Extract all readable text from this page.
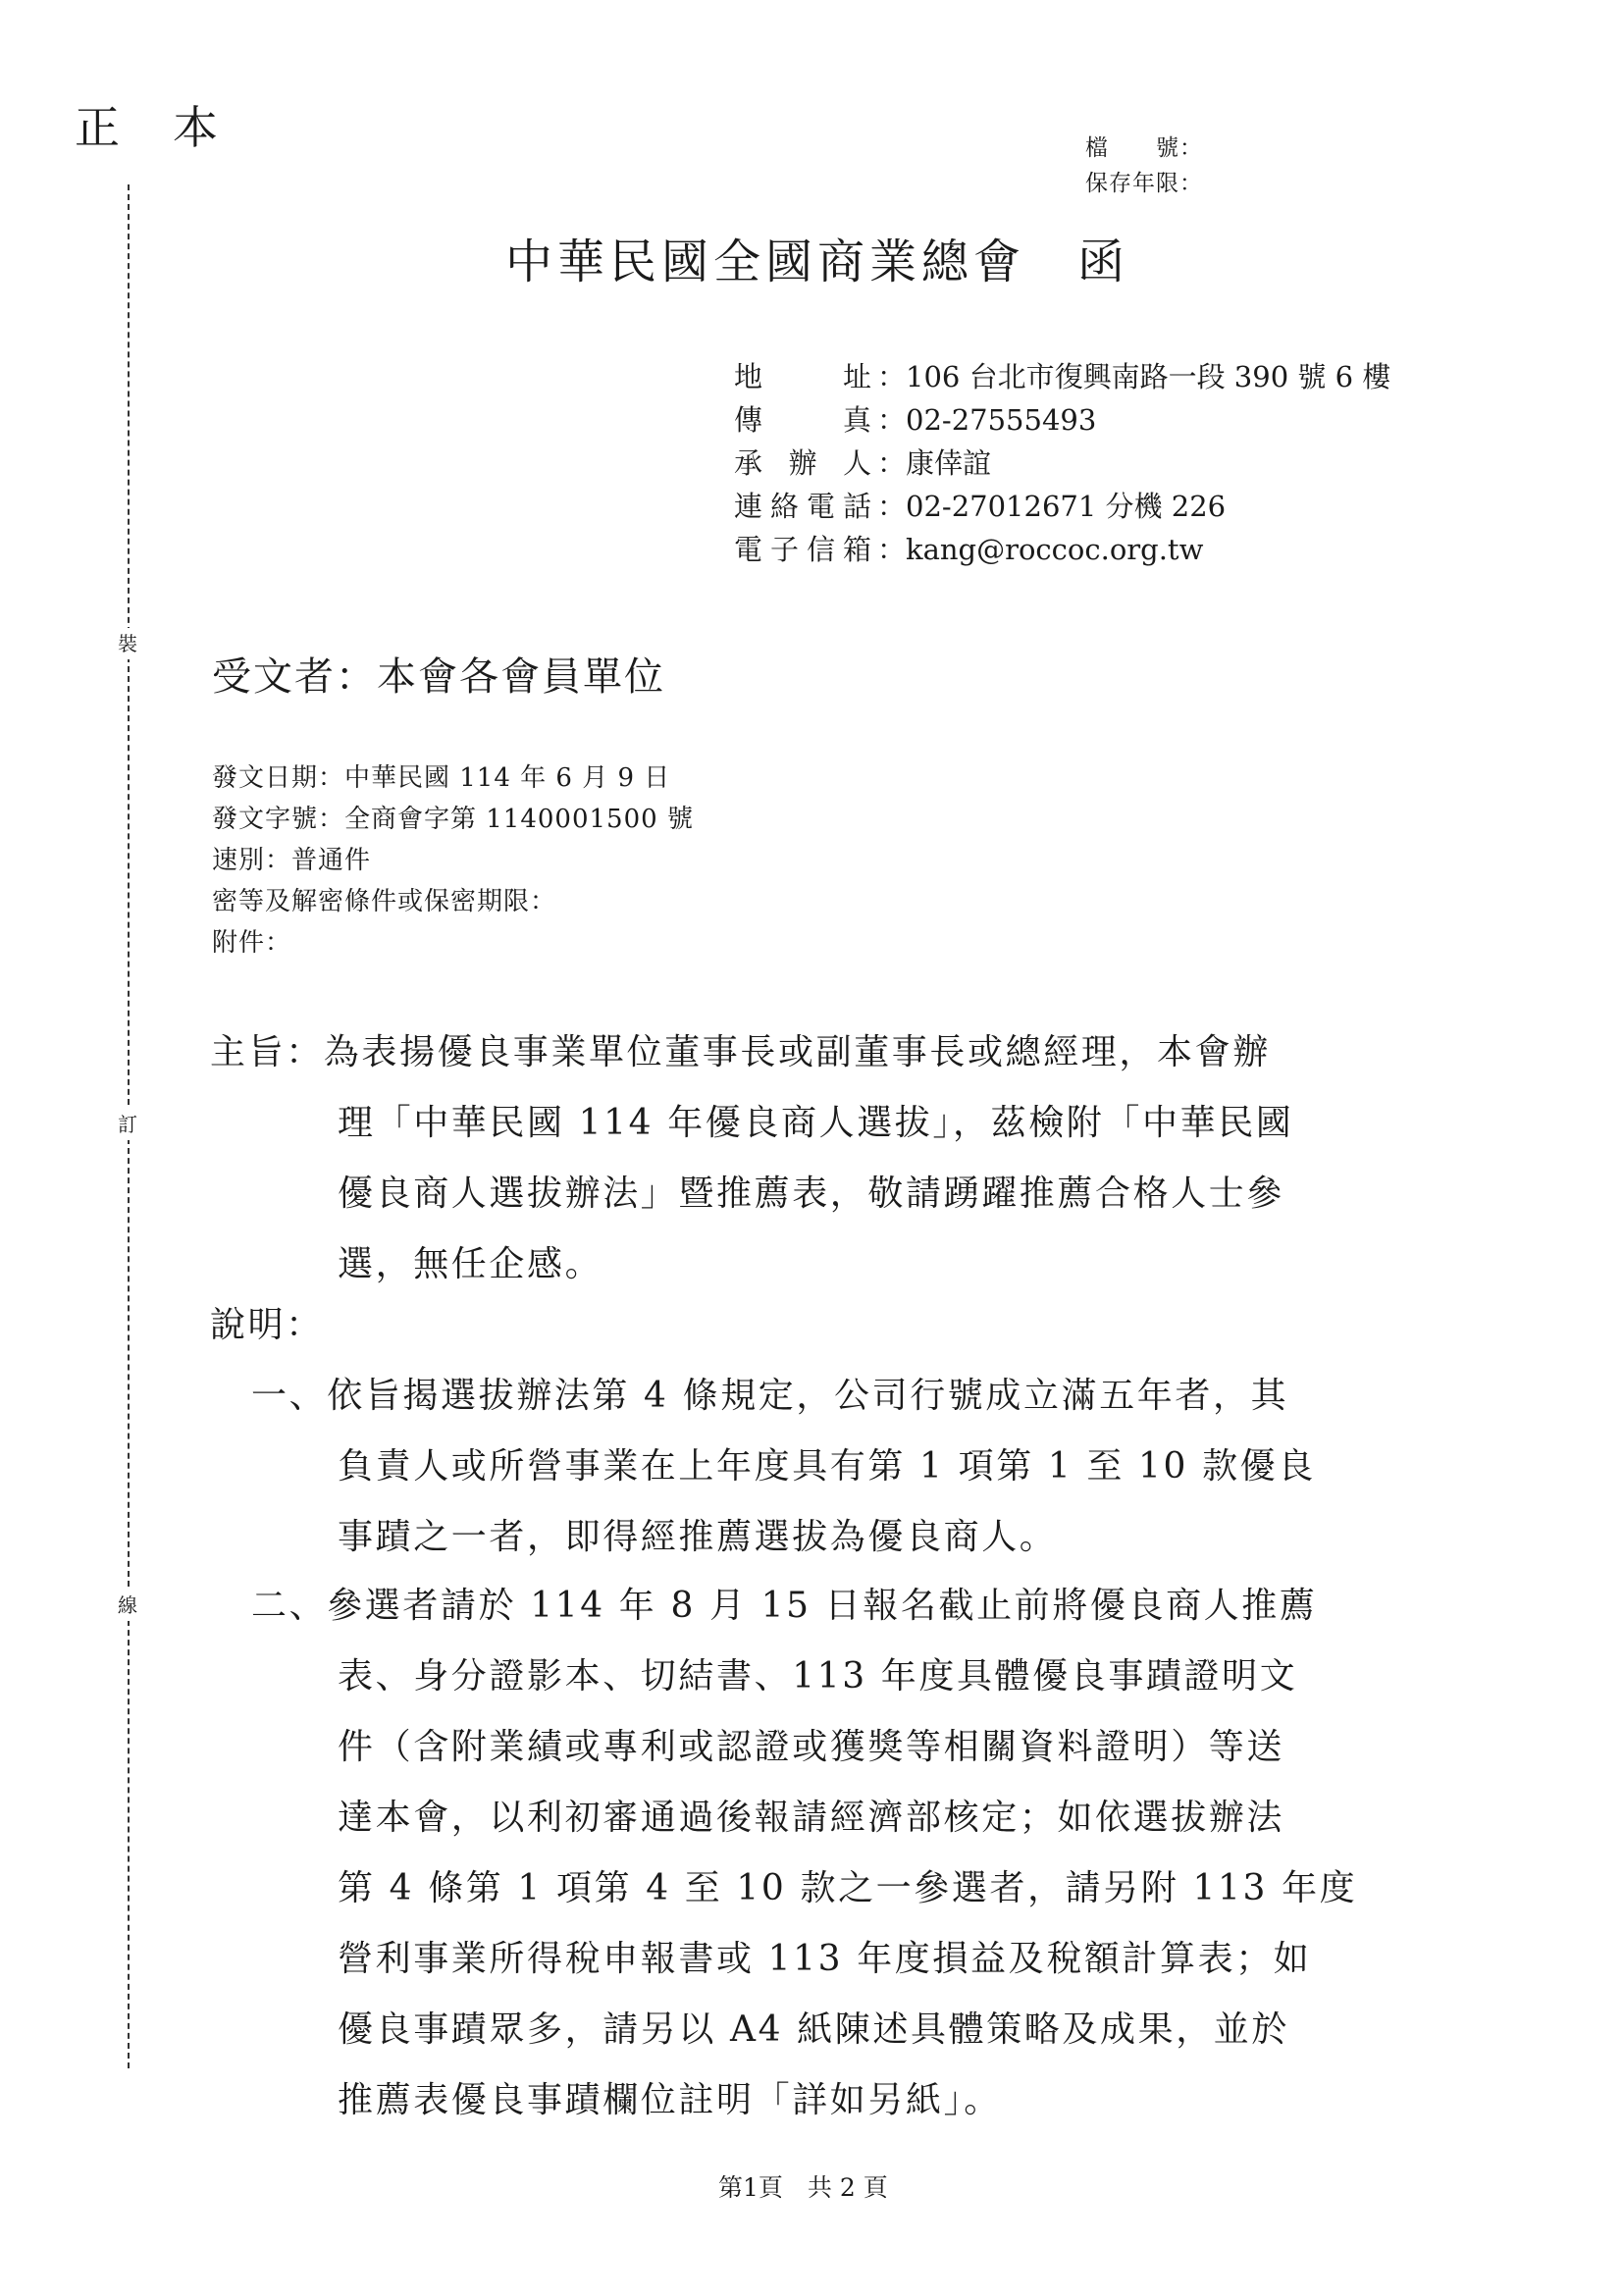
正本
裝
訂
線
檔　　號：
保存年限：
中華民國全國商業總會　函
地址 ：106 台北市復興南路一段 390 號 6 樓
傳真 ：02-27555493
承辦人 ：康倖誼
連絡電話 ：02-27012671 分機 226
電子信箱 ：kang@roccoc.org.tw
受文者：本會各會員單位
發文日期：中華民國 114 年 6 月 9 日
發文字號：全商會字第 1140001500 號
速別：普通件
密等及解密條件或保密期限：
附件：
主旨：為表揚優良事業單位董事長或副董事長或總經理，本會辦
理「中華民國 114 年優良商人選拔」，茲檢附「中華民國
優良商人選拔辦法」暨推薦表，敬請踴躍推薦合格人士參
選，無任企感。
說明：
一、依旨揭選拔辦法第 4 條規定，公司行號成立滿五年者，其
負責人或所營事業在上年度具有第 1 項第 1 至 10 款優良
事蹟之一者，即得經推薦選拔為優良商人。
二、參選者請於 114 年 8 月 15 日報名截止前將優良商人推薦
表、身分證影本、切結書、113 年度具體優良事蹟證明文
件（含附業績或專利或認證或獲獎等相關資料證明）等送
達本會，以利初審通過後報請經濟部核定；如依選拔辦法
第 4 條第 1 項第 4 至 10 款之一參選者，請另附 113 年度
營利事業所得稅申報書或 113 年度損益及稅額計算表；如
優良事蹟眾多，請另以 A4 紙陳述具體策略及成果，並於
推薦表優良事蹟欄位註明「詳如另紙」。
第1頁　共 2 頁
